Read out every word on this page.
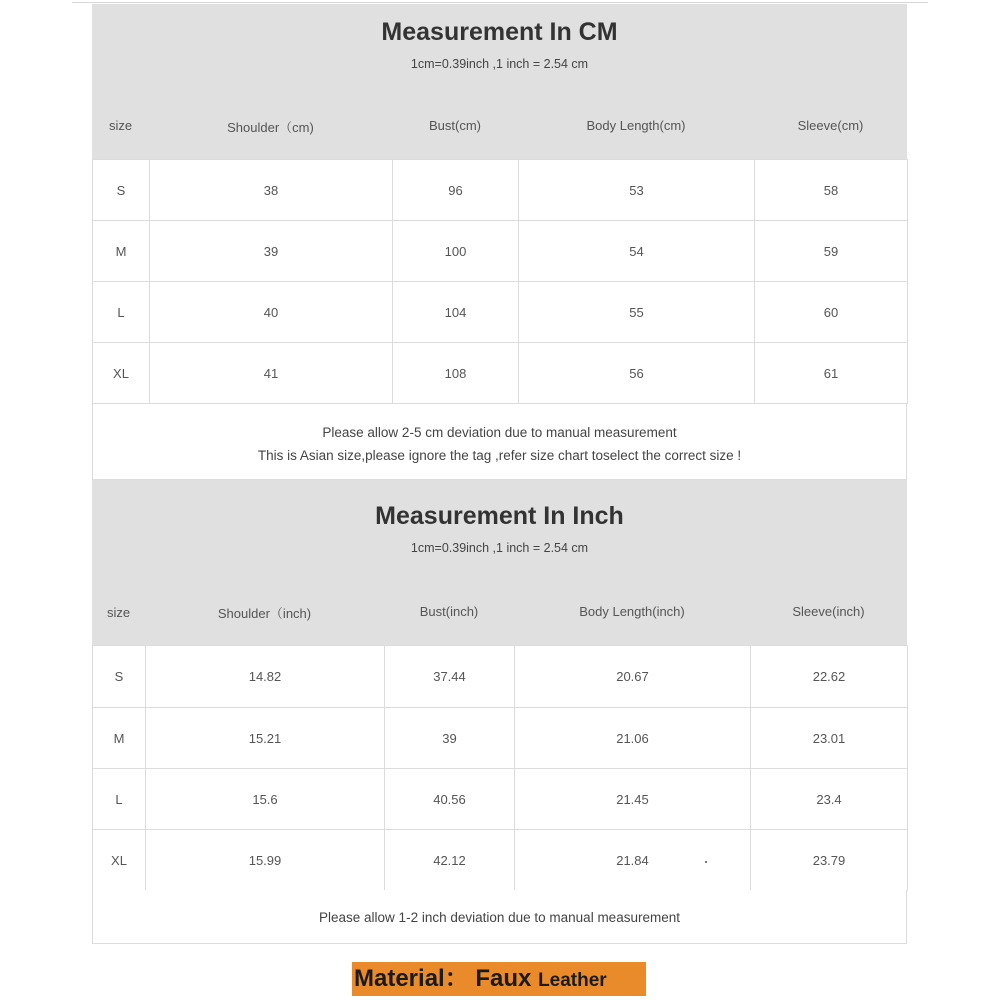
Measurement In CM
1cm=0.39inch ,1 inch = 2.54 cm
size	Shoulder（cm)	Bust(cm)	Body Length(cm)	Sleeve(cm)
S	38	96	53	58
M	39	100	54	59
L	40	104	55	60
XL	41	108	56	61
Please allow 2-5 cm deviation due to manual measurement
This is Asian size,please ignore the tag ,refer size chart toselect the correct size !
Measurement In Inch
1cm=0.39inch ,1 inch = 2.54 cm
size	Shoulder（inch)	Bust(inch)	Body Length(inch)	Sleeve(inch)
S	14.82	37.44	20.67	22.62
M	15.21	39	21.06	23.01
L	15.6	40.56	21.45	23.4
XL	15.99	42.12	21.84	23.79
Please allow 1-2 inch deviation due to manual measurement
Material： Faux Leather
